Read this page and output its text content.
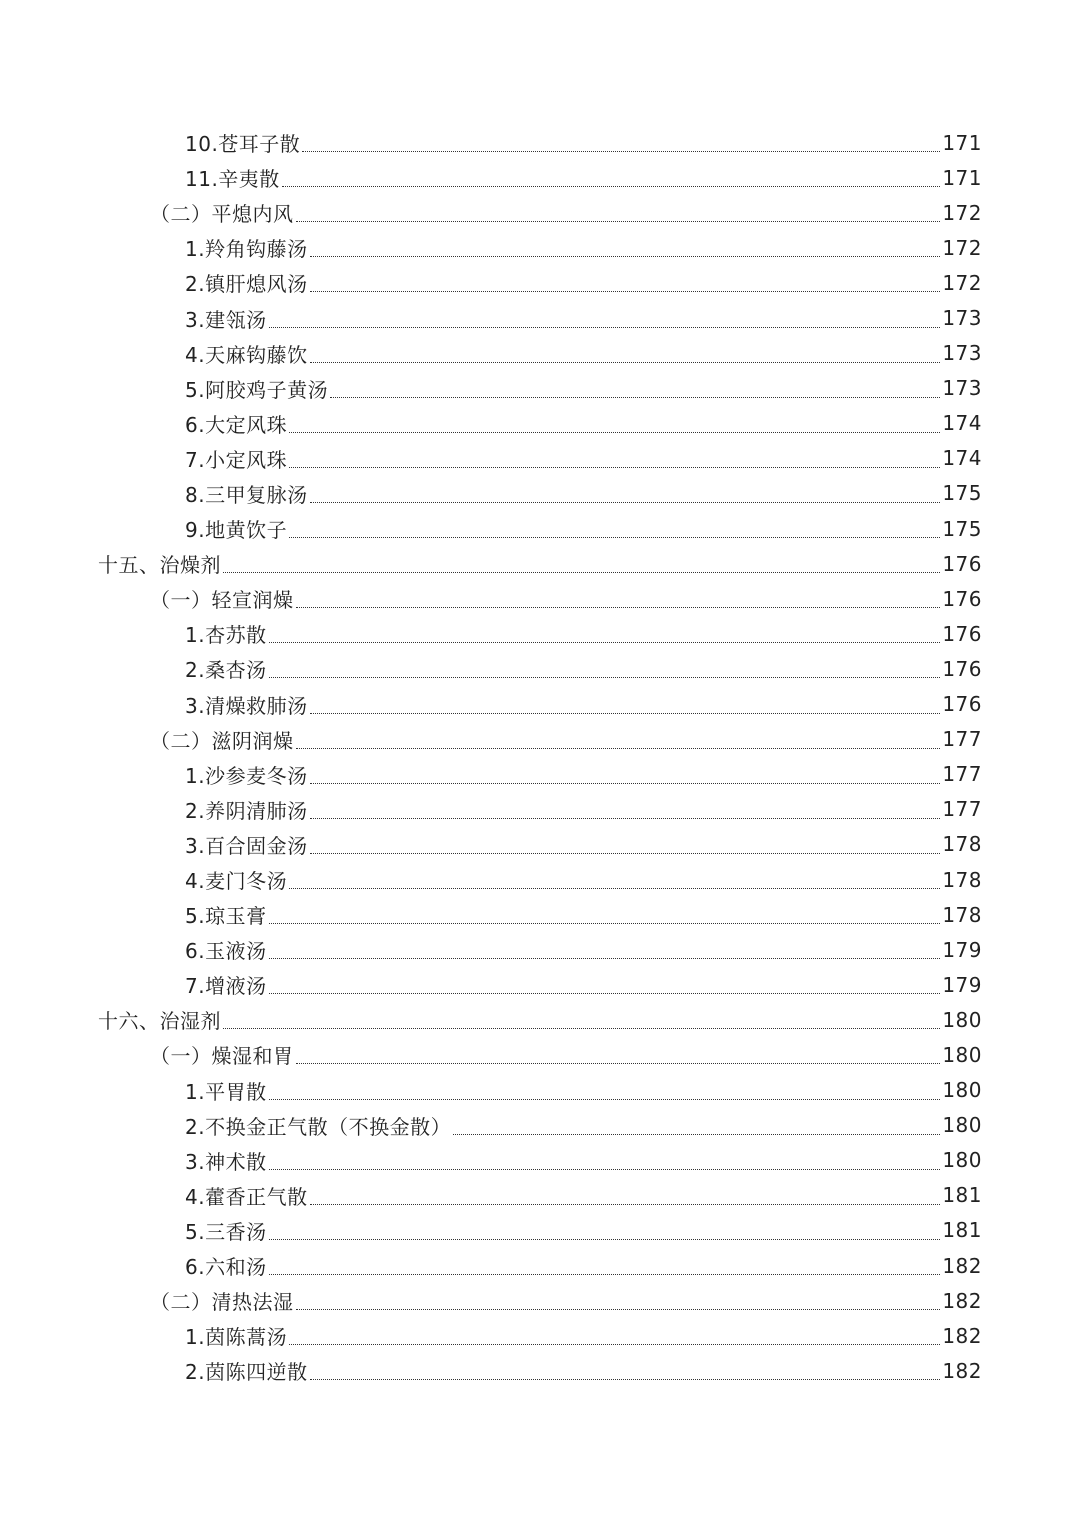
10.苍耳子散	171
11.辛夷散	171
（二）平熄内风	172
1.羚角钩藤汤	172
2.镇肝熄风汤	172
3.建瓴汤	173
4.天麻钩藤饮	173
5.阿胶鸡子黄汤	173
6.大定风珠	174
7.小定风珠	174
8.三甲复脉汤	175
9.地黄饮子	175
十五、治燥剂	176
（一）轻宣润燥	176
1.杏苏散	176
2.桑杏汤	176
3.清燥救肺汤	176
（二）滋阴润燥	177
1.沙参麦冬汤	177
2.养阴清肺汤	177
3.百合固金汤	178
4.麦门冬汤	178
5.琼玉膏	178
6.玉液汤	179
7.增液汤	179
十六、治湿剂	180
（一）燥湿和胃	180
1.平胃散	180
2.不换金正气散（不换金散）	180
3.神术散	180
4.藿香正气散	181
5.三香汤	181
6.六和汤	182
（二）清热法湿	182
1.茵陈蒿汤	182
2.茵陈四逆散	182
